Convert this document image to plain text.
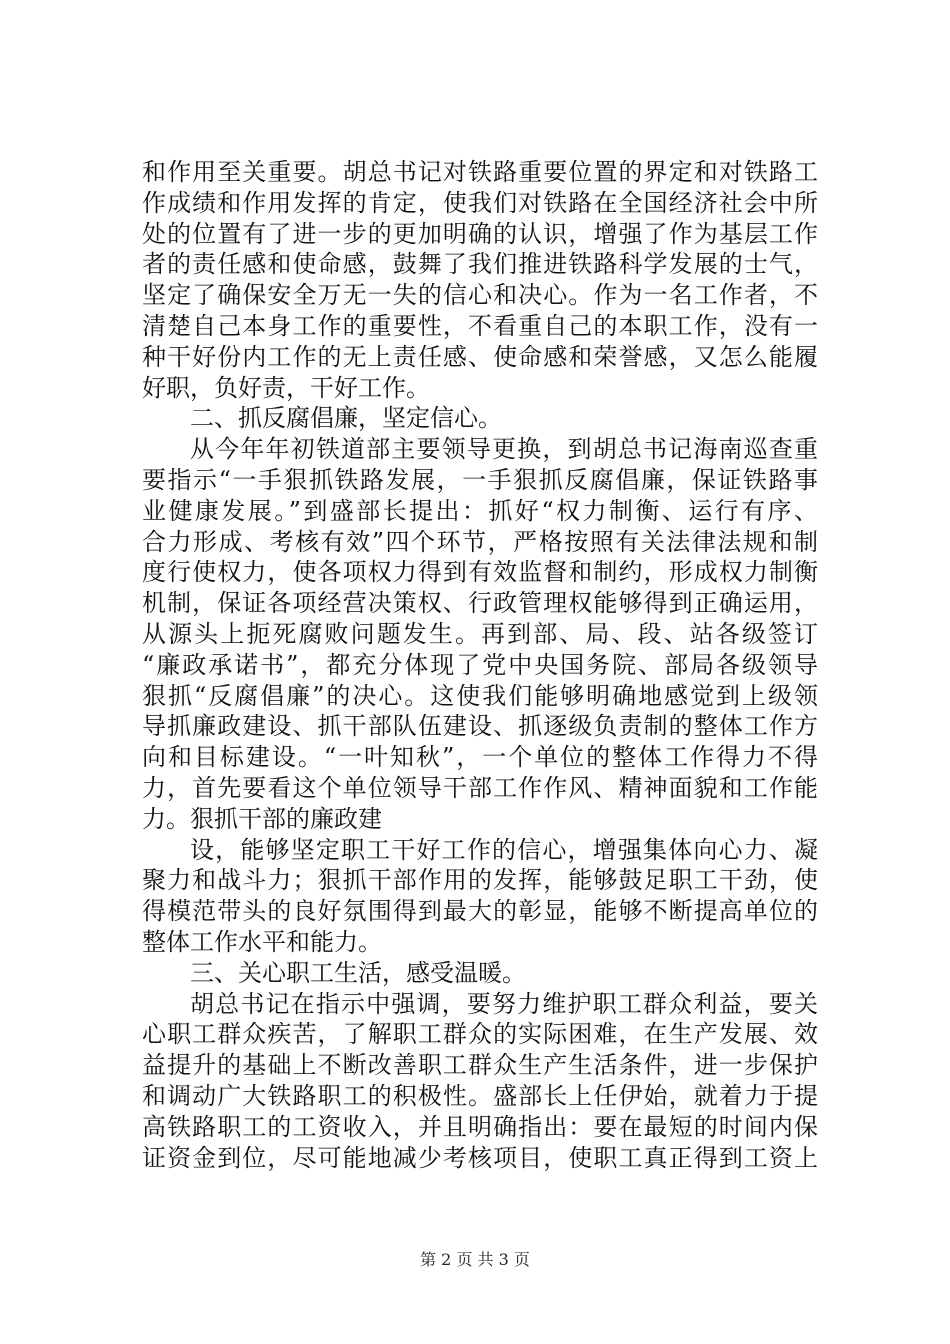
和作用至关重要。胡总书记对铁路重要位置的界定和对铁路工
作成绩和作用发挥的肯定，使我们对铁路在全国经济社会中所
处的位置有了进一步的更加明确的认识，增强了作为基层工作
者的责任感和使命感，鼓舞了我们推进铁路科学发展的士气，
坚定了确保安全万无一失的信心和决心。作为一名工作者，不
清楚自己本身工作的重要性，不看重自己的本职工作，没有一
种干好份内工作的无上责任感、使命感和荣誉感，又怎么能履
好职，负好责，干好工作。
二、抓反腐倡廉，坚定信心。
从今年年初铁道部主要领导更换，到胡总书记海南巡查重
要指示“一手狠抓铁路发展，一手狠抓反腐倡廉，保证铁路事
业健康发展。”到盛部长提出：抓好“权力制衡、运行有序、
合力形成、考核有效”四个环节，严格按照有关法律法规和制
度行使权力，使各项权力得到有效监督和制约，形成权力制衡
机制，保证各项经营决策权、行政管理权能够得到正确运用，
从源头上扼死腐败问题发生。再到部、局、段、站各级签订
“廉政承诺书”，都充分体现了党中央国务院、部局各级领导
狠抓“反腐倡廉”的决心。这使我们能够明确地感觉到上级领
导抓廉政建设、抓干部队伍建设、抓逐级负责制的整体工作方
向和目标建设。“一叶知秋”，一个单位的整体工作得力不得
力，首先要看这个单位领导干部工作作风、精神面貌和工作能
力。狠抓干部的廉政建
设，能够坚定职工干好工作的信心，增强集体向心力、凝
聚力和战斗力；狠抓干部作用的发挥，能够鼓足职工干劲，使
得模范带头的良好氛围得到最大的彰显，能够不断提高单位的
整体工作水平和能力。
三、关心职工生活，感受温暖。
胡总书记在指示中强调，要努力维护职工群众利益，要关
心职工群众疾苦，了解职工群众的实际困难，在生产发展、效
益提升的基础上不断改善职工群众生产生活条件，进一步保护
和调动广大铁路职工的积极性。盛部长上任伊始，就着力于提
高铁路职工的工资收入，并且明确指出：要在最短的时间内保
证资金到位，尽可能地减少考核项目，使职工真正得到工资上
第 2 页 共 3 页
